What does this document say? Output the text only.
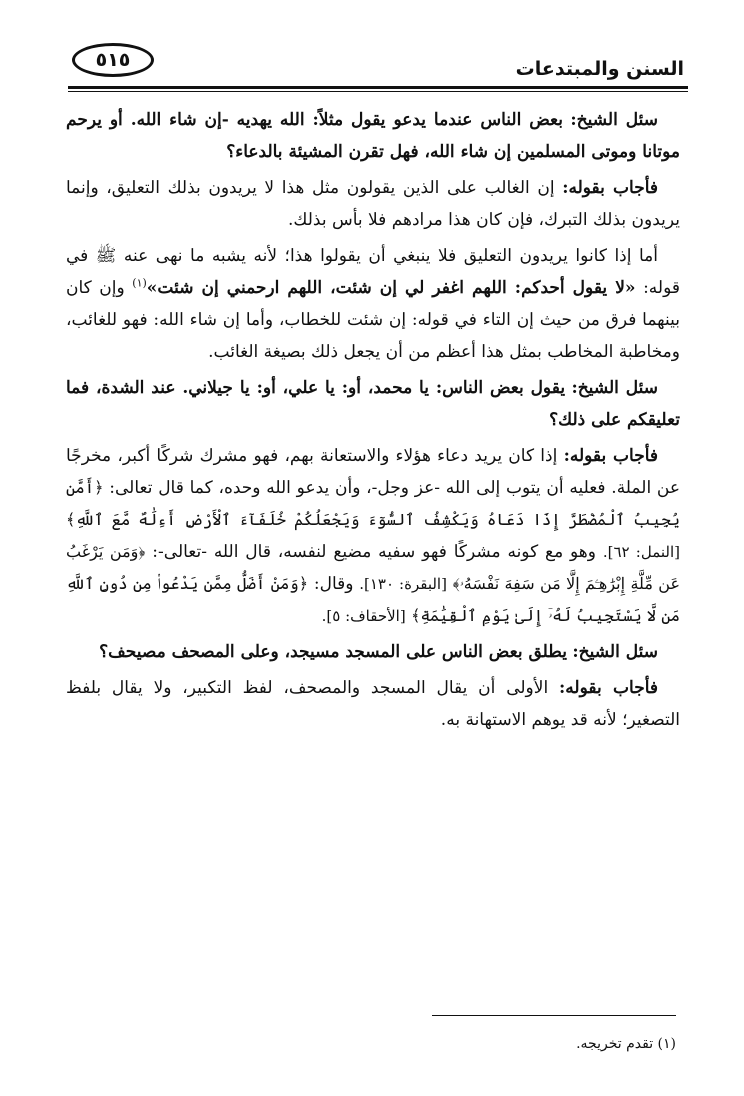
السنن والمبتدعات
٥١٥

سئل الشيخ: بعض الناس عندما يدعو يقول مثلاً: الله يهديه -إن شاء الله. أو يرحم موتانا وموتى المسلمين إن شاء الله، فهل تقرن المشيئة بالدعاء؟

فأجاب بقوله: إن الغالب على الذين يقولون مثل هذا لا يريدون بذلك التعليق، وإنما يريدون بذلك التبرك، فإن كان هذا مرادهم فلا بأس بذلك.

أما إذا كانوا يريدون التعليق فلا ينبغي أن يقولوا هذا؛ لأنه يشبه ما نهى عنه ﷺ في قوله: «لا يقول أحدكم: اللهم اغفر لي إن شئت، اللهم ارحمني إن شئت»$^{(١)}$ وإن كان بينهما فرق من حيث إن التاء في قوله: إن شئت للخطاب، وأما إن شاء الله: فهو للغائب، ومخاطبة المخاطب بمثل هذا أعظم من أن يجعل ذلك بصيغة الغائب.

سئل الشيخ: يقول بعض الناس: يا محمد، أو: يا علي، أو: يا جيلاني. عند الشدة، فما تعليقكم على ذلك؟

فأجاب بقوله: إذا كان يريد دعاء هؤلاء والاستعانة بهم، فهو مشرك شركًا أكبر، مخرجًا عن الملة. فعليه أن يتوب إلى الله -عز وجل-، وأن يدعو الله وحده، كما قال تعالى: ﴿أَمَّن يُجِيبُ ٱلْمُضْطَرَّ إِذَا دَعَاهُ وَيَكْشِفُ ٱلسُّوٓءَ وَيَجْعَلُكُمْ خُلَفَآءَ ٱلْأَرْضِ أَءِلَٰهٌ مَّعَ ٱللَّهِ﴾ [النمل: ٦٢]. وهو مع كونه مشركًا فهو سفيه مضيع لنفسه، قال الله -تعالى-: ﴿وَمَن يَرْغَبُ عَن مِّلَّةِ إِبْرَٰهِـۧمَ إِلَّا مَن سَفِهَ نَفْسَهُۥ﴾ [البقرة: ١٣٠]. وقال: ﴿وَمَنْ أَضَلُّ مِمَّن يَدْعُوا۟ مِن دُونِ ٱللَّهِ مَن لَّا يَسْتَجِيبُ لَهُۥٓ إِلَىٰ يَوْمِ ٱلْقِيَٰمَةِ﴾ [الأحقاف: ٥].

سئل الشيخ: يطلق بعض الناس على المسجد مسيجد، وعلى المصحف مصيحف؟

فأجاب بقوله: الأولى أن يقال المسجد والمصحف، لفظ التكبير، ولا يقال بلفظ التصغير؛ لأنه قد يوهم الاستهانة به.

(١) تقدم تخريجه.
